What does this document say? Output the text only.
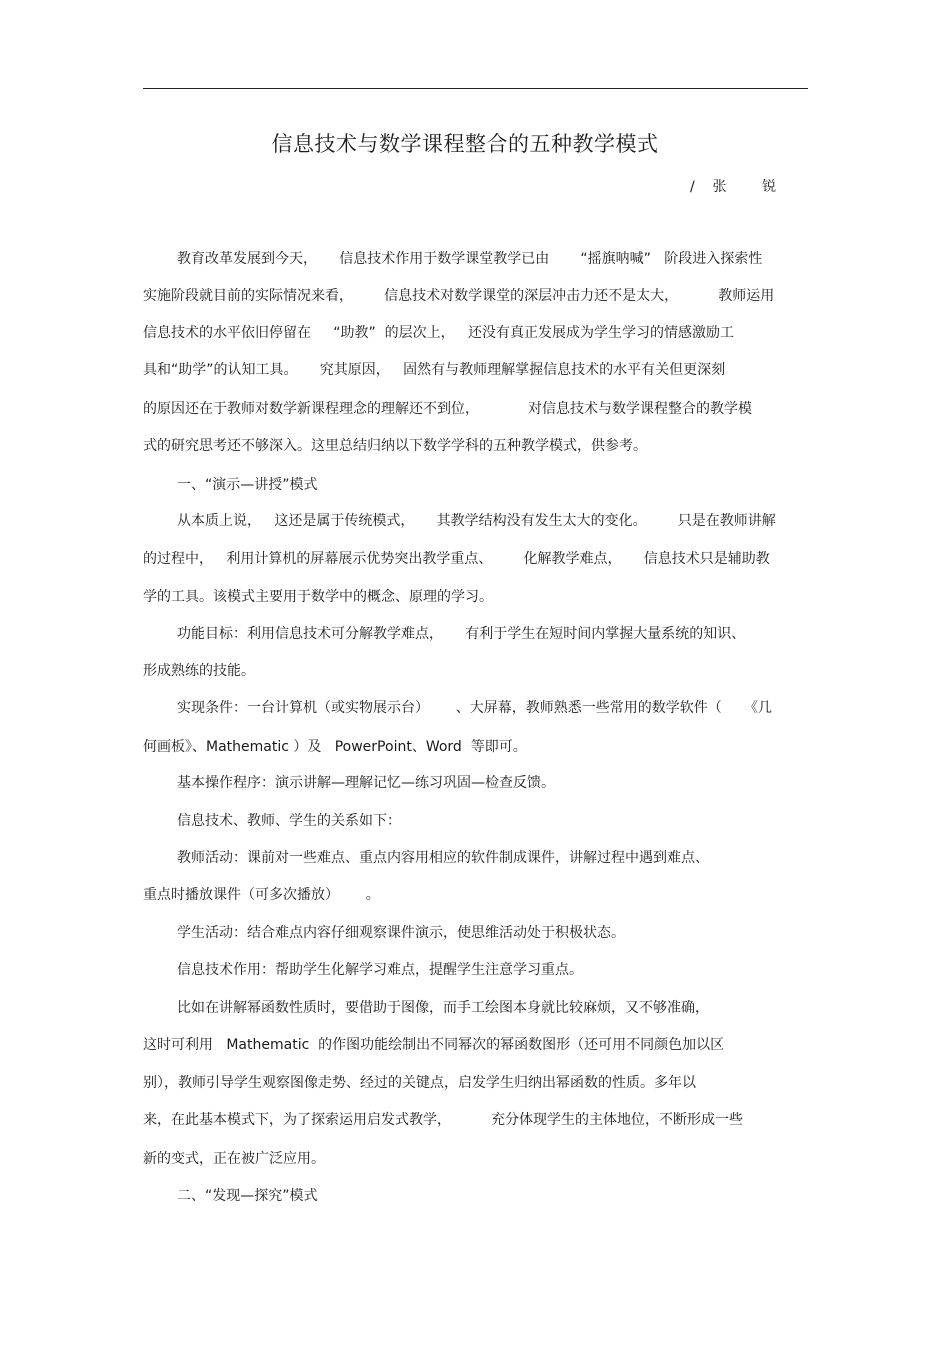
信息技术与数学课程整合的五种教学模式
/    张        锐
教育改革发展到今天，     信息技术作用于数学课堂教学已由       “摇旗呐喊”   阶段进入探索性
实施阶段就目前的实际情况来看，       信息技术对数学课堂的深层冲击力还不是太大，         教师运用
信息技术的水平依旧停留在     “助教”  的层次上，   还没有真正发展成为学生学习的情感激励工
具和“助学”的认知工具。     究其原因，   固然有与教师理解掌握信息技术的水平有关但更深刻
的原因还在于教师对数学新课程理念的理解还不到位，           对信息技术与数学课程整合的教学模
式的研究思考还不够深入。这里总结归纳以下数学学科的五种教学模式，供参考。
一、“演示—讲授”模式
从本质上说，   这还是属于传统模式，     其教学结构没有发生太大的变化。       只是在教师讲解
的过程中，   利用计算机的屏幕展示优势突出教学重点、       化解教学难点，     信息技术只是辅助教
学的工具。该模式主要用于数学中的概念、原理的学习。
功能目标：利用信息技术可分解教学难点，     有利于学生在短时间内掌握大量系统的知识、
形成熟练的技能。
实现条件：一台计算机（或实物展示台）      、大屏幕，教师熟悉一些常用的数学软件（     《几
何画板》、Mathematic ）及   PowerPoint、Word  等即可。
基本操作程序：演示讲解—理解记忆—练习巩固—检查反馈。
信息技术、教师、学生的关系如下：
教师活动：课前对一些难点、重点内容用相应的软件制成课件，讲解过程中遇到难点、
重点时播放课件（可多次播放）      。
学生活动：结合难点内容仔细观察课件演示，使思维活动处于积极状态。
信息技术作用：帮助学生化解学习难点，提醒学生注意学习重点。
比如在讲解幂函数性质时，要借助于图像，而手工绘图本身就比较麻烦，又不够准确，
这时可利用   Mathematic  的作图功能绘制出不同幂次的幂函数图形（还可用不同颜色加以区
别），教师引导学生观察图像走势、经过的关键点，启发学生归纳出幂函数的性质。多年以
来，在此基本模式下，为了探索运用启发式教学，         充分体现学生的主体地位，不断形成一些
新的变式，正在被广泛应用。
二、“发现—探究”模式
